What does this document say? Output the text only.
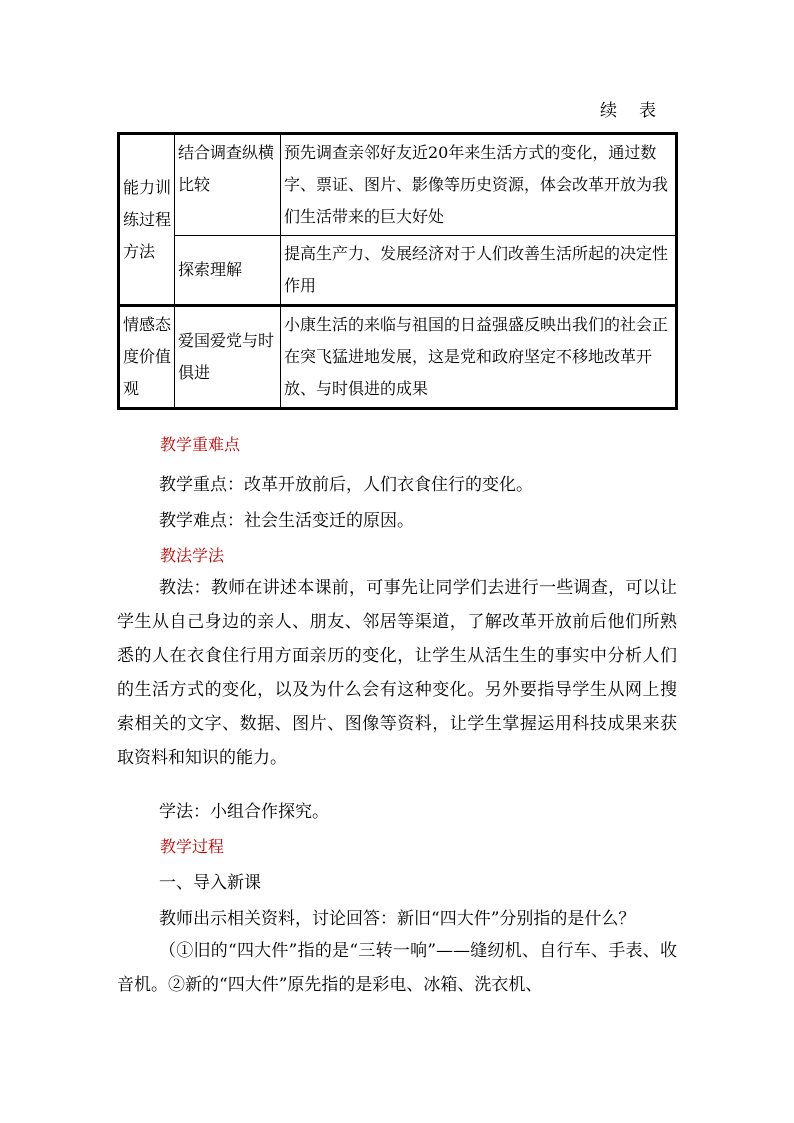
续表
能力训练过程方法	结合调查纵横比较	预先调查亲邻好友近20年来生活方式的变化，通过数字、票证、图片、影像等历史资源，体会改革开放为我们生活带来的巨大好处
	探索理解	提高生产力、发展经济对于人们改善生活所起的决定性作用
情感态度价值观	爱国爱党与时俱进	小康生活的来临与祖国的日益强盛反映出我们的社会正在突飞猛进地发展，这是党和政府坚定不移地改革开放、与时俱进的成果
教学重难点
教学重点：改革开放前后，人们衣食住行的变化。
教学难点：社会生活变迁的原因。
教法学法

教法：教师在讲述本课前，可事先让同学们去进行一些调查，可以让学生从自己身边的亲人、朋友、邻居等渠道，了解改革开放前后他们所熟悉的人在衣食住行用方面亲历的变化，让学生从活生生的事实中分析人们的生活方式的变化，以及为什么会有这种变化。另外要指导学生从网上搜索相关的文字、数据、图片、图像等资料，让学生掌握运用科技成果来获取资料和知识的能力。

学法：小组合作探究。
教学过程
一、导入新课
教师出示相关资料，讨论回答：新旧“四大件”分别指的是什么？

（①旧的“四大件”指的是“三转一响”——缝纫机、自行车、手表、收音机。②新的“四大件”原先指的是彩电、冰箱、洗衣机、
